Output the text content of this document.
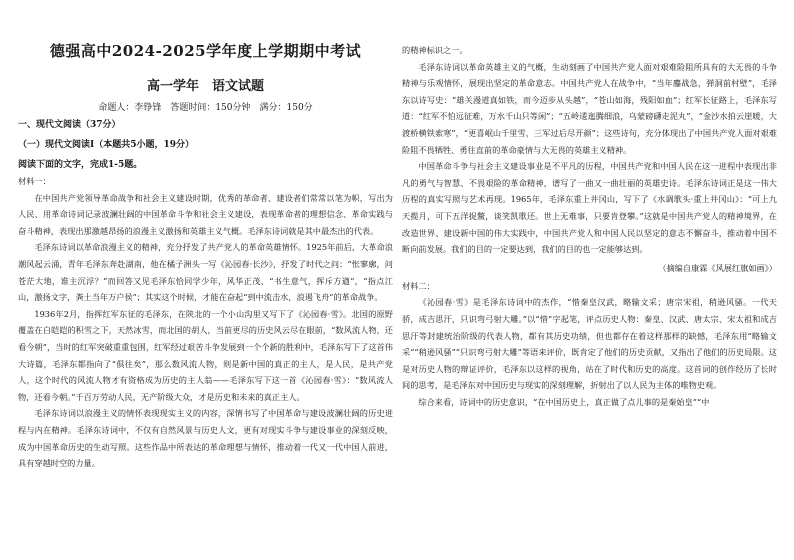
德强高中2024-2025学年度上学期期中考试
高一学年　语文试题
命题人：李铮锋　答题时间：150分钟　满分：150分
一、现代文阅读（37分）
（一）现代文阅读Ⅰ（本题共5小题，19分）
阅读下面的文字，完成1-5题。

材料一：

在中国共产党领导革命战争和社会主义建设时期，优秀的革命者、建设者们常常以笔为帜，写出为人民、用革命诗词记录波澜壮阔的中国革命斗争和社会主义建设，表现革命者的理想信念、革命实践与奋斗精神，表现出那激越昂扬的浪漫主义激扬和英雄主义气概。毛泽东诗词就是其中最杰出的代表。

毛泽东诗词以革命浪漫主义的精神，充分抒发了共产党人的革命英雄情怀。1925年前后，大革命浪潮风起云涌，青年毛泽东奔赴湖南，他在橘子洲头一写《沁园春·长沙》，抒发了时代之问：“怅寥廓，问苍茫大地，谁主沉浮？”而回答又见毛泽东恰同学少年，风华正茂，“书生意气，挥斥方遒”，“指点江山，激扬文字，粪土当年万户侯”；其实这个时候，才能在奋起“到中流击水，浪遏飞舟”的革命战争。

1936年2月，指挥红军东征的毛泽东，在陕北的一个小山沟里又写下了《沁园春·雪》。北国的原野覆盖在白皑皑的积雪之下，天然冰雪，而北国的胡人，当前更尽的历史风云尽在眼前，“数风流人物，还看今朝”，当时的红军突破重重包围，红军经过艰苦斗争发展到一个个新的胜利中，毛泽东写下了这首伟大诗篇，毛泽东都指向了“俱往矣”，那么数风流人物，则是新中国的真正的主人，是人民，是共产党人，这个时代的风流人物才有资格成为历史的主人翁——毛泽东写下这一首《沁园春·雪》：“数风流人物，还看今朝。”千百万劳动人民，无产阶级大众，才是历史和未来的真正主人。

毛泽东诗词以浪漫主义的情怀表现现实主义的内容，深情书写了中国革命与建设波澜壮阔的历史进程与内在精神。毛泽东诗词中，不仅有自然风景与历史人文，更有对现实斗争与建设事业的深刻反映，成为中国革命历史的生动写照。这些作品中所表达的革命理想与情怀，推动着一代又一代中国人前进，具有穿越时空的力量。

的精神标识之一。

毛泽东诗词以革命英雄主义的气概，生动刻画了中国共产党人面对艰难险阻所具有的大无畏的斗争精神与乐观情怀，展现出坚定的革命意志。中国共产党人在战争中，“当年鏖战急，弹洞前村壁”，毛泽东以诗写史：“雄关漫道真如铁，而今迈步从头越”，“苍山如海，残阳如血”；红军长征路上，毛泽东写道：“红军不怕远征难，万水千山只等闲”；“五岭逶迤腾细浪，乌蒙磅礴走泥丸”，“金沙水拍云崖暖，大渡桥横铁索寒”，“更喜岷山千里雪，三军过后尽开颜”；这些诗句，充分体现出了中国共产党人面对艰难险阻不畏牺牲、勇往直前的革命豪情与大无畏的英雄主义精神。

中国革命斗争与社会主义建设事业是不平凡的历程，中国共产党和中国人民在这一进程中表现出非凡的勇气与智慧、不畏艰险的革命精神，谱写了一曲又一曲壮丽的英雄史诗。毛泽东诗词正是这一伟大历程的真实写照与艺术再现。1965年，毛泽东重上井冈山，写下了《水调歌头·重上井冈山》：“可上九天揽月，可下五洋捉鳖，谈笑凯歌还。世上无难事，只要肯登攀。”这就是中国共产党人的精神境界，在改造世界、建设新中国的伟大实践中，中国共产党人和中国人民以坚定的意志不懈奋斗，推动着中国不断向前发展。我们的目的一定要达到，我们的目的也一定能够达到。

（摘编自康霖《风展红旗如画》）

材料二：

《沁园春·雪》是毛泽东诗词中的杰作，“惜秦皇汉武，略输文采；唐宗宋祖，稍逊风骚。一代天骄，成吉思汗，只识弯弓射大雕。”以“惜”字起笔，评点历史人物：秦皇、汉武、唐太宗、宋太祖和成吉思汗等封建统治阶级的代表人物，都有其历史功绩，但也都存在着这样那样的缺憾，毛泽东用“略输文采”“稍逊风骚”“只识弯弓射大雕”等语来评价，既肯定了他们的历史贡献，又指出了他们的历史局限。这是对历史人物的辩证评价，毛泽东以这样的视角，站在了时代和历史的高度。这首词的创作经历了长时间的思考，是毛泽东对中国历史与现实的深刻理解，折射出了以人民为主体的唯物史观。

综合来看，诗词中的历史意识，“在中国历史上，真正做了点儿事的是秦始皇”“中
